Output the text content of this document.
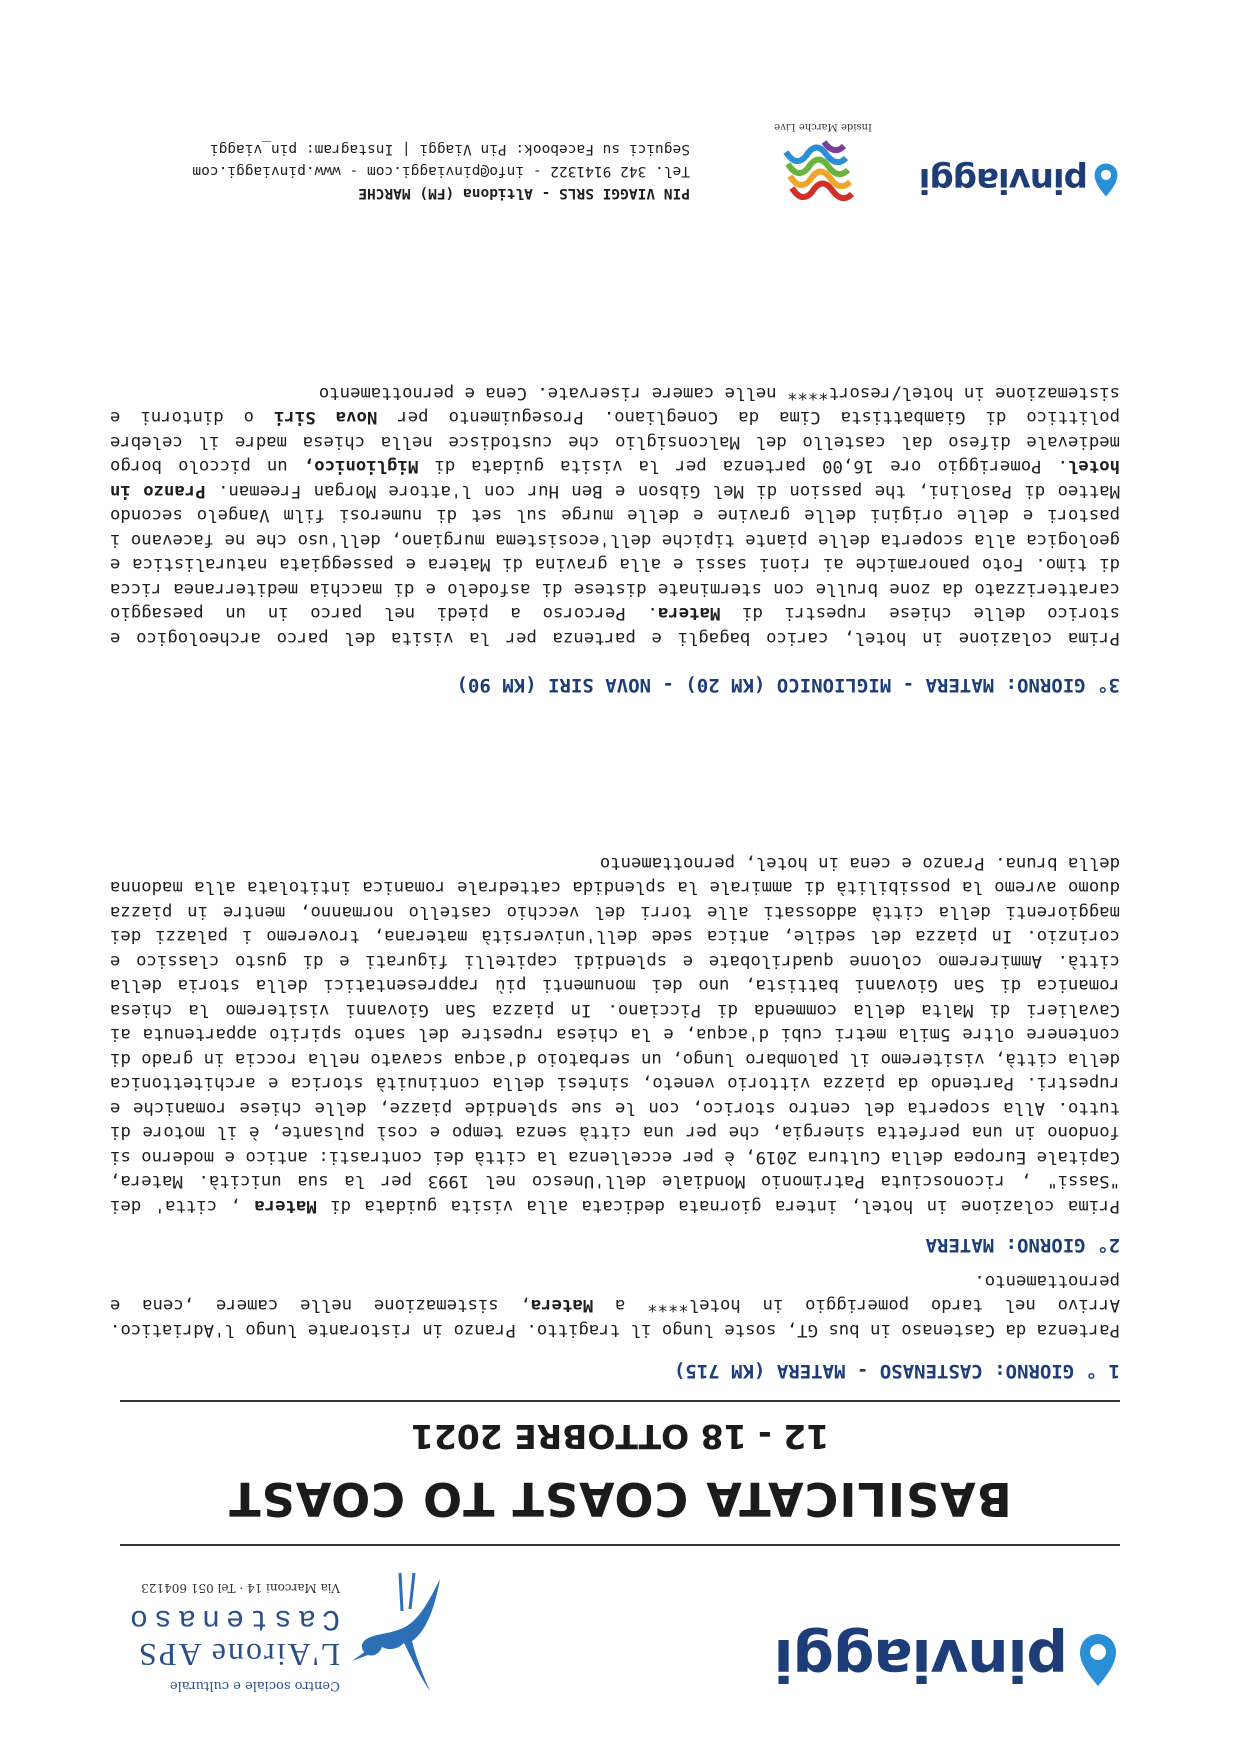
pinviaggi
Centro sociale e culturale
L'Airone APS
Castenaso
Via Marconi 14 · Tel 051 604123
BASILICATA COAST TO COAST
12 - 18 OTTOBRE 2021
1 ° GIORNO: CASTENASO - MATERA (KM 715)
Partenza da Castenaso in bus GT, soste lungo il tragitto. Pranzo in ristorante lungo l'Adriatico. Arrivo nel tardo pomeriggio in hotel**** a Matera, sistemazione nelle camere ,cena e pernottamento.
2° GIORNO: MATERA
Prima colazione in hotel, intera giornata dedicata alla visita guidata di Matera , citta' dei "Sassi" , riconosciuta Patrimonio Mondiale dell'Unesco nel 1993 per la sua unicità. Matera, Capitale Europea della Cultura 2019, è per eccellenza la città dei contrasti: antico e moderno si fondono in una perfetta sinergia, che per una città senza tempo e così pulsante, è il motore di tutto. Alla scoperta del centro storico, con le sue splendide piazze, delle chiese romaniche e rupestri. Partendo da piazza vittorio veneto, sintesi della continuità storica e architettonica della città, visiteremo il palombaro lungo, un serbatoio d'acqua scavato nella roccia in grado di contenere oltre 5mila metri cubi d'acqua, e la chiesa rupestre del santo spirito appartenuta ai Cavalieri di Malta della commenda di Picciano. In piazza San Giovanni visiteremo la chiesa romanica di San Giovanni battista, uno dei monumenti più rappresentatici della storia della città. Ammireremo colonne quadrilobate e splendidi capitelli figurati e di gusto classico e corinzio. In piazza del sedile, antica sede dell'università materana, troveremo i palazzi dei maggiorenti della città addossati alle torri del vecchio castello normanno, mentre in piazza duomo avremo la possibilità di ammirale la splendida cattedrale romanica intitolata alla madonna della bruna. Pranzo e cena in hotel, pernottamento
3° GIORNO: MATERA - MIGLIONICO (KM 20) - NOVA SIRI (KM 90)
Prima colazione in hotel, carico bagagli e partenza per la visita del parco archeologico e storico delle chiese rupestri di Matera. Percorso a piedi nel parco in un paesaggio caratterizzato da zone brulle con sterminate distese di asfodelo e di macchia mediterranea ricca di timo. Foto panoramiche ai rioni sassi e alla gravina di Matera e passeggiata naturalistica e geologica alla scoperta delle piante tipiche dell'ecosistema murgiano, dell'uso che ne facevano i pastori e delle origini delle gravine e delle murge sul set di numerosi film Vangelo secondo Matteo di Pasolini, the passion di Mel Gibson e Ben Hur con l'attore Morgan Freeman. Pranzo in hotel. Pomeriggio ore 16,00 partenza per la visita guidata di Miglionico, un piccolo borgo medievale difeso dal castello del Malconsiglio che custodisce nella chiesa madre il celebre polittico di Giambattista Cima da Conegliano. Proseguimento per Nova Siri o dintorni e sistemazione in hotel/resort**** nelle camere riservate. Cena e pernottamento
pinviaggi
Inside Marche Live
PIN VIAGGI SRLS - Altidona (FM) MARCHE
Tel. 342 9141322 - info@pinviaggi.com - www.pinviaggi.com
Seguici su Facebook: Pin Viaggi | Instagram: pin_viaggi
